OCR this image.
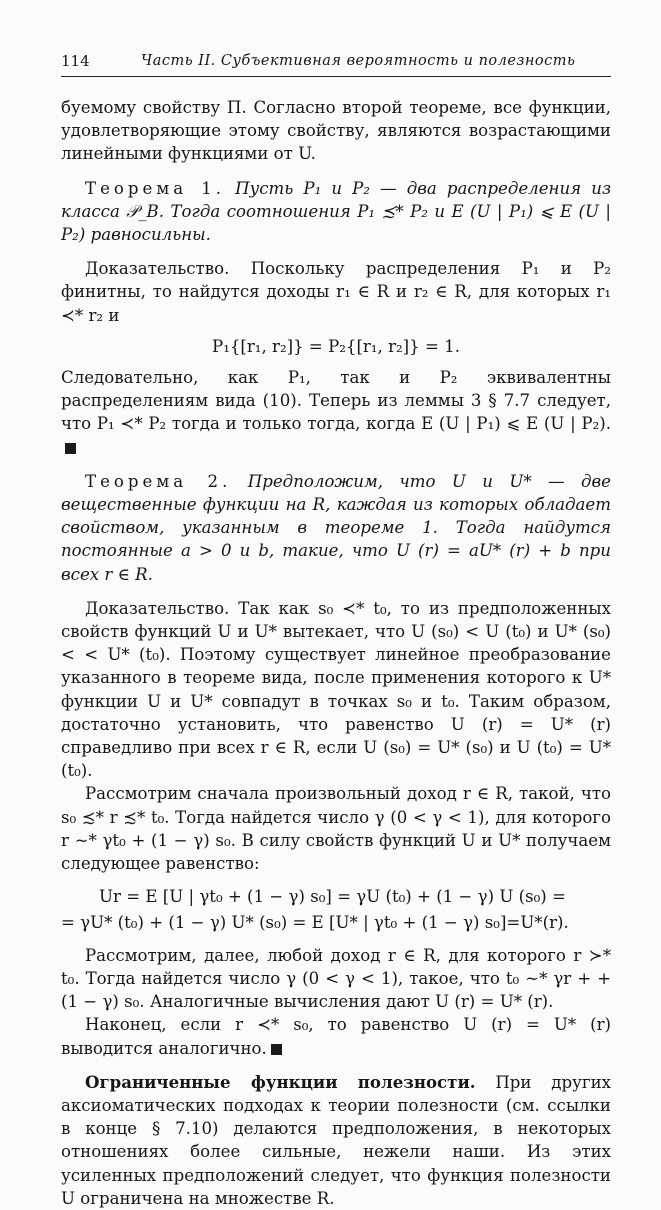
114	Часть II. Субъективная вероятность и полезность

буемому свойству П. Согласно второй теореме, все функции, удовлетворяющие этому свойству, являются возрастающими линейными функциями от U.

Теорема 1. Пусть P₁ и P₂ — два распределения из класса 𝒫_B. Тогда соотношения P₁ ≾* P₂ и E (U | P₁) ⩽ E (U | P₂) равносильны.

Доказательство. Поскольку распределения P₁ и P₂ финитны, то найдутся доходы r₁ ∈ R и r₂ ∈ R, для которых r₁ ≺* r₂ и

P₁{[r₁, r₂]} = P₂{[r₁, r₂]} = 1.

Следовательно, как P₁, так и P₂ эквивалентны распределениям вида (10). Теперь из леммы 3 § 7.7 следует, что P₁ ≺* P₂ тогда и только тогда, когда E (U | P₁) ⩽ E (U | P₂).

Теорема 2. Предположим, что U и U* — две вещественные функции на R, каждая из которых обладает свойством, указанным в теореме 1. Тогда найдутся постоянные a > 0 и b, такие, что U (r) = aU* (r) + b при всех r ∈ R.

Доказательство. Так как s₀ ≺* t₀, то из предположенных свойств функций U и U* вытекает, что U (s₀) < U (t₀) и U* (s₀) < < U* (t₀). Поэтому существует линейное преобразование указанного в теореме вида, после применения которого к U* функции U и U* совпадут в точках s₀ и t₀. Таким образом, достаточно установить, что равенство U (r) = U* (r) справедливо при всех r ∈ R, если U (s₀) = U* (s₀) и U (t₀) = U* (t₀).

Рассмотрим сначала произвольный доход r ∈ R, такой, что s₀ ≾* r ≾* t₀. Тогда найдется число γ (0 < γ < 1), для которого r ∼* γt₀ + (1 − γ) s₀. В силу свойств функций U и U* получаем следующее равенство:

Ur = E [U | γt₀ + (1 − γ) s₀] = γU (t₀) + (1 − γ) U (s₀) =

= γU* (t₀) + (1 − γ) U* (s₀) = E [U* | γt₀ + (1 − γ) s₀]=U*(r).

Рассмотрим, далее, любой доход r ∈ R, для которого r ≻* t₀. Тогда найдется число γ (0 < γ < 1), такое, что t₀ ∼* γr + + (1 − γ) s₀. Аналогичные вычисления дают U (r) = U* (r).

Наконец, если r ≺* s₀, то равенство U (r) = U* (r) выводится аналогично.

Ограниченные функции полезности. При других аксиоматических подходах к теории полезности (см. ссылки в конце § 7.10) делаются предположения, в некоторых отношениях более сильные, нежели наши. Из этих усиленных предположений следует, что функция полезности U ограничена на множестве R.
